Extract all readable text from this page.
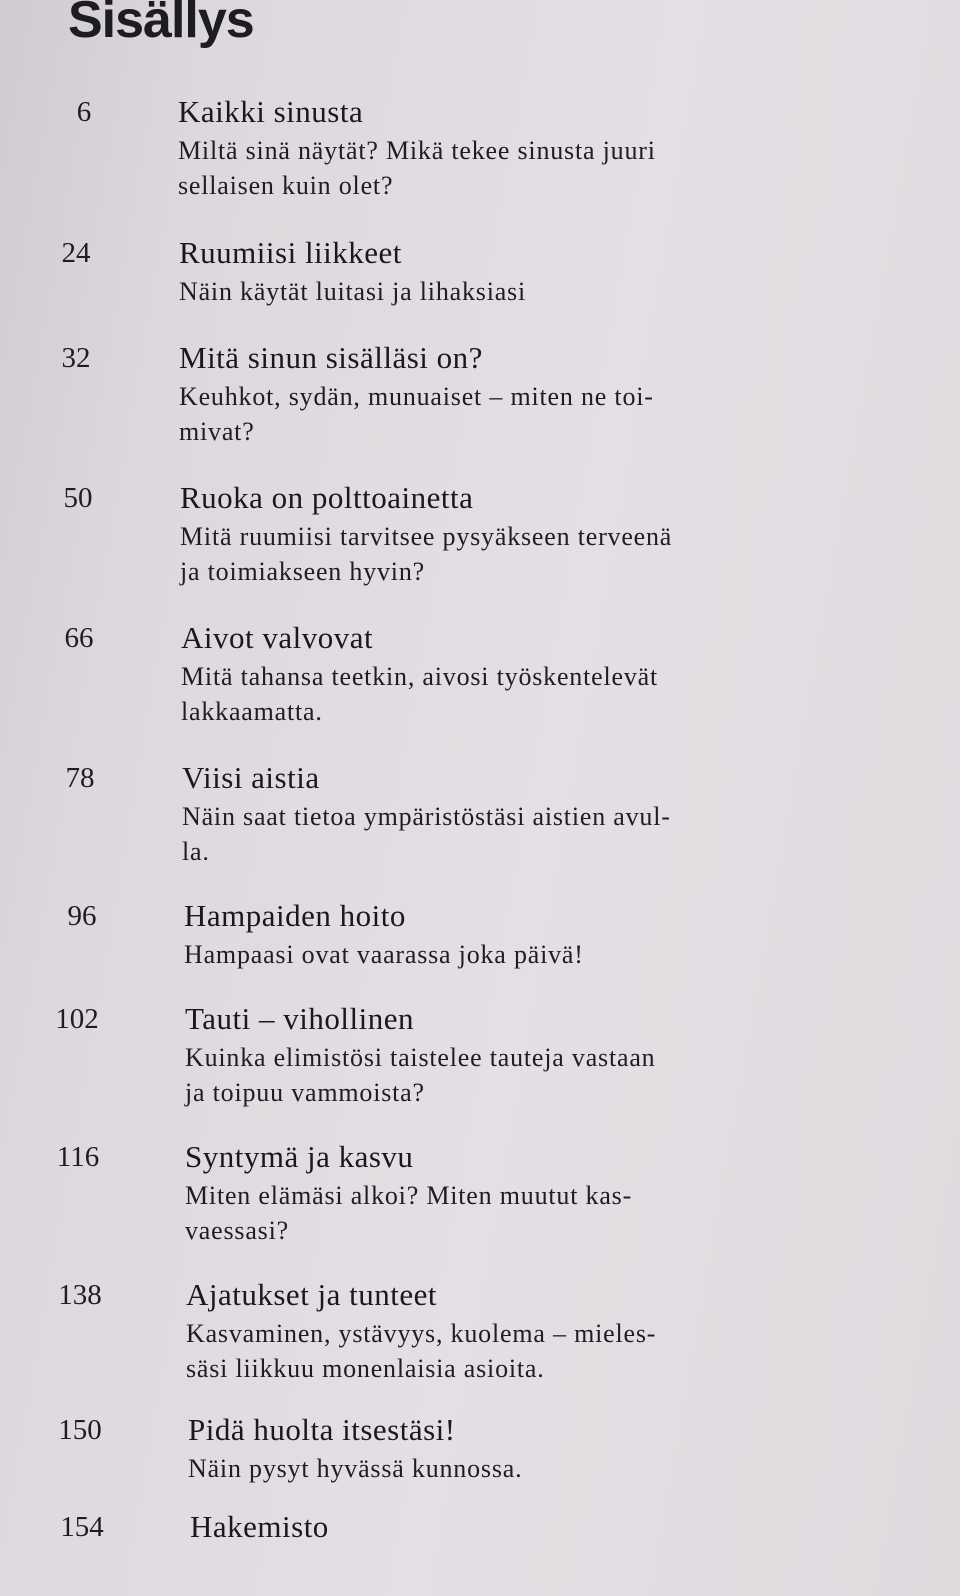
Sisällys
6	Kaikki sinusta
Miltä sinä näytät? Mikä tekee sinusta juuri
sellaisen kuin olet?
24	Ruumiisi liikkeet
Näin käytät luitasi ja lihaksiasi
32	Mitä sinun sisälläsi on?
Keuhkot, sydän, munuaiset – miten ne toi-
mivat?
50	Ruoka on polttoainetta
Mitä ruumiisi tarvitsee pysyäkseen terveenä
ja toimiakseen hyvin?
66	Aivot valvovat
Mitä tahansa teetkin, aivosi työskentelevät
lakkaamatta.
78	Viisi aistia
Näin saat tietoa ympäristöstäsi aistien avul-
la.
96	Hampaiden hoito
Hampaasi ovat vaarassa joka päivä!
102	Tauti – vihollinen
Kuinka elimistösi taistelee tauteja vastaan
ja toipuu vammoista?
116	Syntymä ja kasvu
Miten elämäsi alkoi? Miten muutut kas-
vaessasi?
138	Ajatukset ja tunteet
Kasvaminen, ystävyys, kuolema – mieles-
säsi liikkuu monenlaisia asioita.
150	Pidä huolta itsestäsi!
Näin pysyt hyvässä kunnossa.
154	Hakemisto
